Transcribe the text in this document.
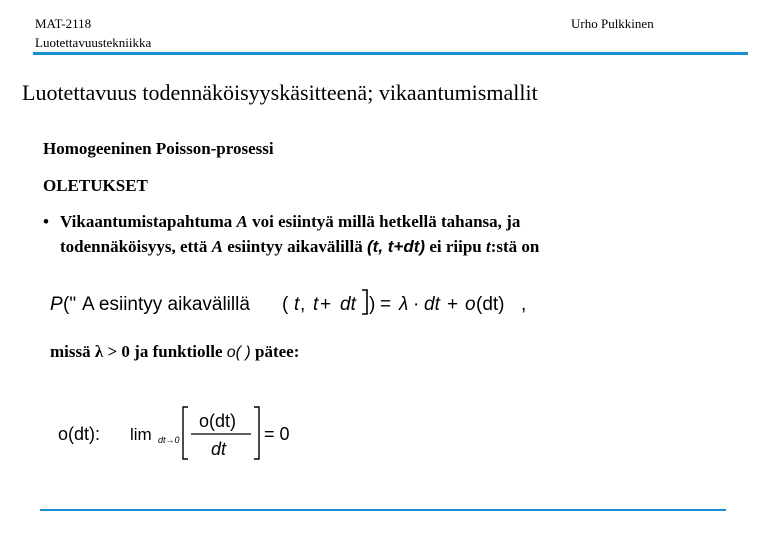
MAT-2118
Luotettavuustekniikka
Urho Pulkkinen
Luotettavuus todennäköisyyskäsitteenä; vikaantumismallit
Homogeeninen Poisson-prosessi
OLETUKSET
• Vikaantumistapahtuma A voi esiintyä millä hetkellä tahansa, ja
todennäköisyys, että A esiintyy aikavälillä (t, t+dt) ei riipu t:stä on
P (" A esiintyy aikavälillä ( t , t + dt ) = λ · dt + o (dt) ,
missä λ > 0 ja funktiolle o( ) pätee:
o(dt): lim dt→0
o(dt)
dt
= 0
